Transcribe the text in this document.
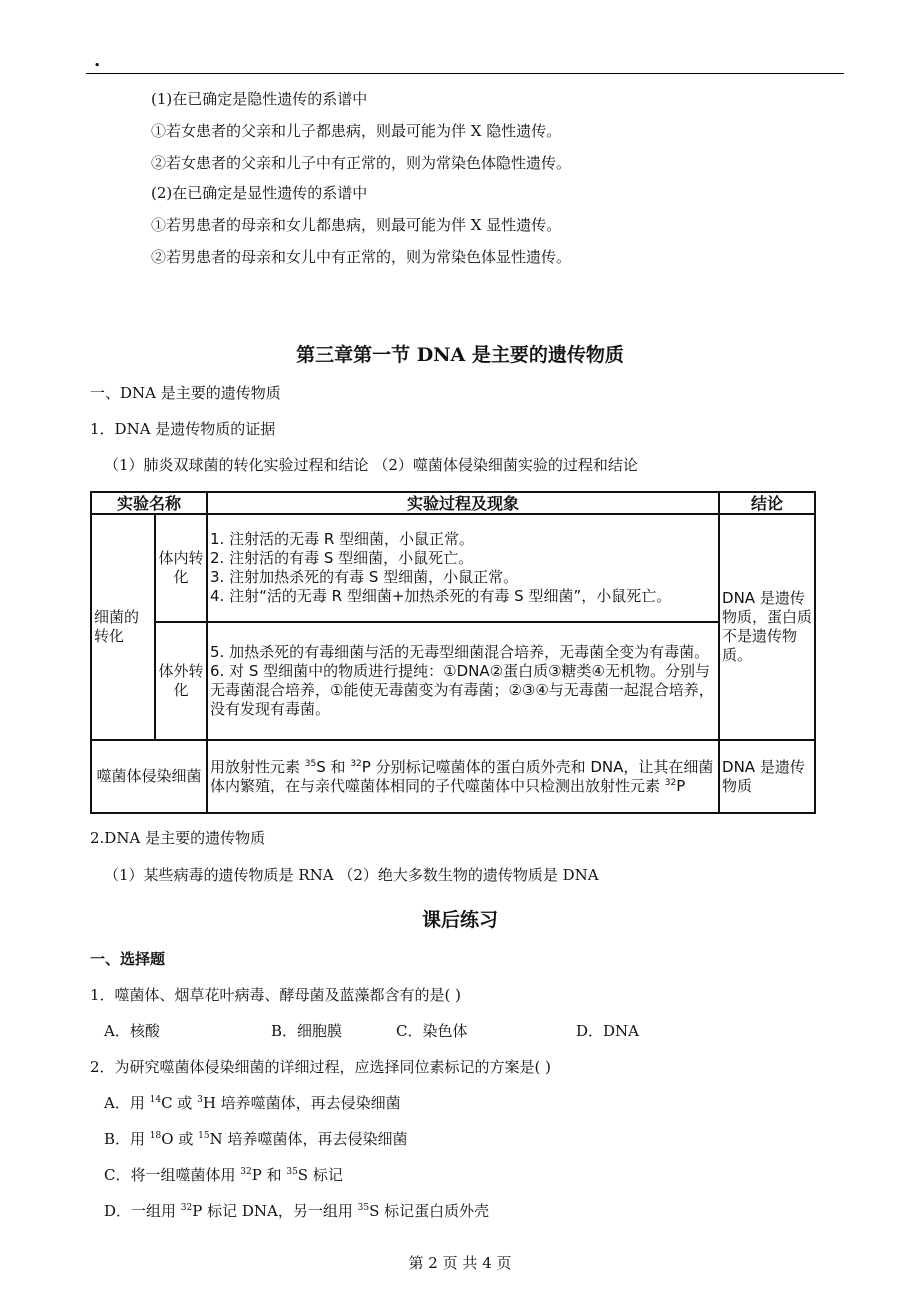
.
(1)在已确定是隐性遗传的系谱中
①若女患者的父亲和儿子都患病，则最可能为伴 X 隐性遗传。
②若女患者的父亲和儿子中有正常的，则为常染色体隐性遗传。
(2)在已确定是显性遗传的系谱中
①若男患者的母亲和女儿都患病，则最可能为伴 X 显性遗传。
②若男患者的母亲和女儿中有正常的，则为常染色体显性遗传。
第三章第一节 DNA 是主要的遗传物质
一、DNA 是主要的遗传物质
1．DNA 是遗传物质的证据
（1）肺炎双球菌的转化实验过程和结论 （2）噬菌体侵染细菌实验的过程和结论
实验名称		实验过程及现象	结论
细菌的转化	体内转化	1. 注射活的无毒 R 型细菌，小鼠正常。
2. 注射活的有毒 S 型细菌，小鼠死亡。
3. 注射加热杀死的有毒 S 型细菌，小鼠正常。
4. 注射“活的无毒 R 型细菌+加热杀死的有毒 S 型细菌”，小鼠死亡。	DNA 是遗传物质，蛋白质不是遗传物质。
	体外转化	5. 加热杀死的有毒细菌与活的无毒型细菌混合培养，无毒菌全变为有毒菌。
6. 对 S 型细菌中的物质进行提纯：①DNA②蛋白质③糖类④无机物。分别与无毒菌混合培养，①能使无毒菌变为有毒菌；②③④与无毒菌一起混合培养，没有发现有毒菌。	

噬菌体侵染细菌		用放射性元素 $^{35}$S 和 $^{32}$P 分别标记噬菌体的蛋白质外壳和 DNA，让其在细菌体内繁殖，在与亲代噬菌体相同的子代噬菌体中只检测出放射性元素 $^{32}$P	DNA 是遗传物质
2.DNA 是主要的遗传物质
（1）某些病毒的遗传物质是 RNA （2）绝大多数生物的遗传物质是 DNA
课后练习
一、选择题
1．噬菌体、烟草花叶病毒、酵母菌及蓝藻都含有的是( )
A．核酸	B．细胞膜	C．染色体	D．DNA
2．为研究噬菌体侵染细菌的详细过程，应选择同位素标记的方案是( )
A．用 $^{14}$C 或 $^3$H 培养噬菌体，再去侵染细菌
B．用 $^{18}$O 或 $^{15}$N 培养噬菌体，再去侵染细菌
C．将一组噬菌体用 $^{32}$P 和 $^{35}$S 标记
D．一组用 $^{32}$P 标记 DNA，另一组用 $^{35}$S 标记蛋白质外壳
第 2 页 共 4 页
